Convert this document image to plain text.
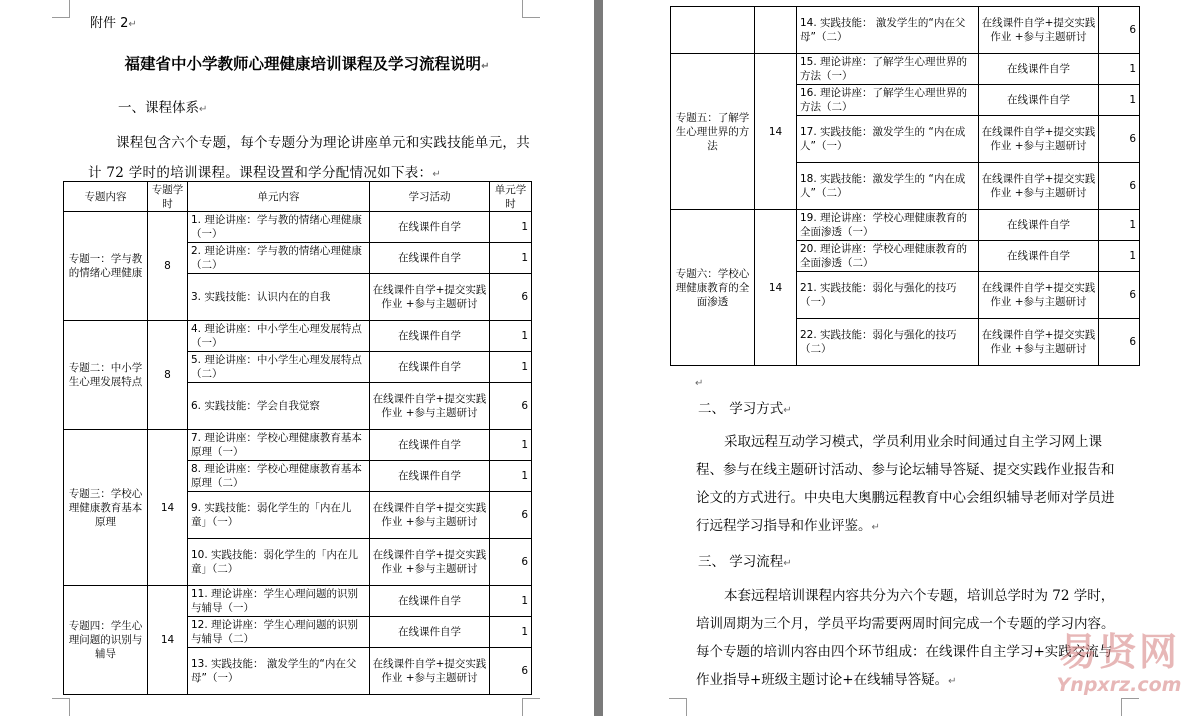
附件 2↵
福建省中小学教师心理健康培训课程及学习流程说明↵
一、课程体系↵
课程包含六个专题，每个专题分为理论讲座单元和实践技能单元，共计 72 学时的培训课程。课程设置和学分配情况如下表：↵
专题内容	专题学时	单元内容	学习活动	单元学时
专题一：学与教的情绪心理健康	8	1. 理论讲座：学与教的情绪心理健康（一）	在线课件自学	1
		2. 理论讲座：学与教的情绪心理健康（二）	在线课件自学	1
		3. 实践技能：认识内在的自我	在线课件自学+提交实践作业 +参与主题研讨	6
专题二：中小学生心理发展特点	8	4. 理论讲座：中小学生心理发展特点（一）	在线课件自学	1
		5. 理论讲座：中小学生心理发展特点（二）	在线课件自学	1
		6. 实践技能：学会自我觉察	在线课件自学+提交实践作业 +参与主题研讨	6
专题三：学校心理健康教育基本原理	14	7. 理论讲座：学校心理健康教育基本原理（一）	在线课件自学	1
		8. 理论讲座：学校心理健康教育基本原理（二）	在线课件自学	1
		9. 实践技能：弱化学生的「内在儿童」（一）	在线课件自学+提交实践作业 +参与主题研讨	6
		10. 实践技能：弱化学生的「内在儿童」（二）	在线课件自学+提交实践作业 +参与主题研讨	6
专题四：学生心理问题的识别与辅导	14	11. 理论讲座：学生心理问题的识别与辅导（一）	在线课件自学	1
		12. 理论讲座：学生心理问题的识别与辅导（二）	在线课件自学	1
		13. 实践技能： 激发学生的“内在父母”（一）	在线课件自学+提交实践作业 +参与主题研讨	6
		14. 实践技能： 激发学生的“内在父母”（二）	在线课件自学+提交实践作业 +参与主题研讨	6
专题五：了解学生心理世界的方法	14	15. 理论讲座：了解学生心理世界的方法（一）	在线课件自学	1
		16. 理论讲座：了解学生心理世界的方法（二）	在线课件自学	1
		17. 实践技能：激发学生的 “内在成人”（一）	在线课件自学+提交实践作业 +参与主题研讨	6
		18. 实践技能：激发学生的 “内在成人”（二）	在线课件自学+提交实践作业 +参与主题研讨	6
专题六：学校心理健康教育的全面渗透	14	19. 理论讲座：学校心理健康教育的全面渗透（一）	在线课件自学	1
		20. 理论讲座：学校心理健康教育的全面渗透（二）	在线课件自学	1
		21. 实践技能：弱化与强化的技巧（一）	在线课件自学+提交实践作业 +参与主题研讨	6
		22. 实践技能：弱化与强化的技巧（二）	在线课件自学+提交实践作业 +参与主题研讨	6
↵
二、 学习方式↵
采取远程互动学习模式，学员利用业余时间通过自主学习网上课程、参与在线主题研讨活动、参与论坛辅导答疑、提交实践作业报告和论文的方式进行。中央电大奥鹏远程教育中心会组织辅导老师对学员进行远程学习指导和作业评鉴。↵
三、 学习流程↵
本套远程培训课程内容共分为六个专题，培训总学时为 72 学时，培训周期为三个月，学员平均需要两周时间完成一个专题的学习内容。每个专题的培训内容由四个环节组成：在线课件自主学习+实践交流与作业指导+班级主题讨论+在线辅导答疑。↵
易贤网
Ynpxrz.com
